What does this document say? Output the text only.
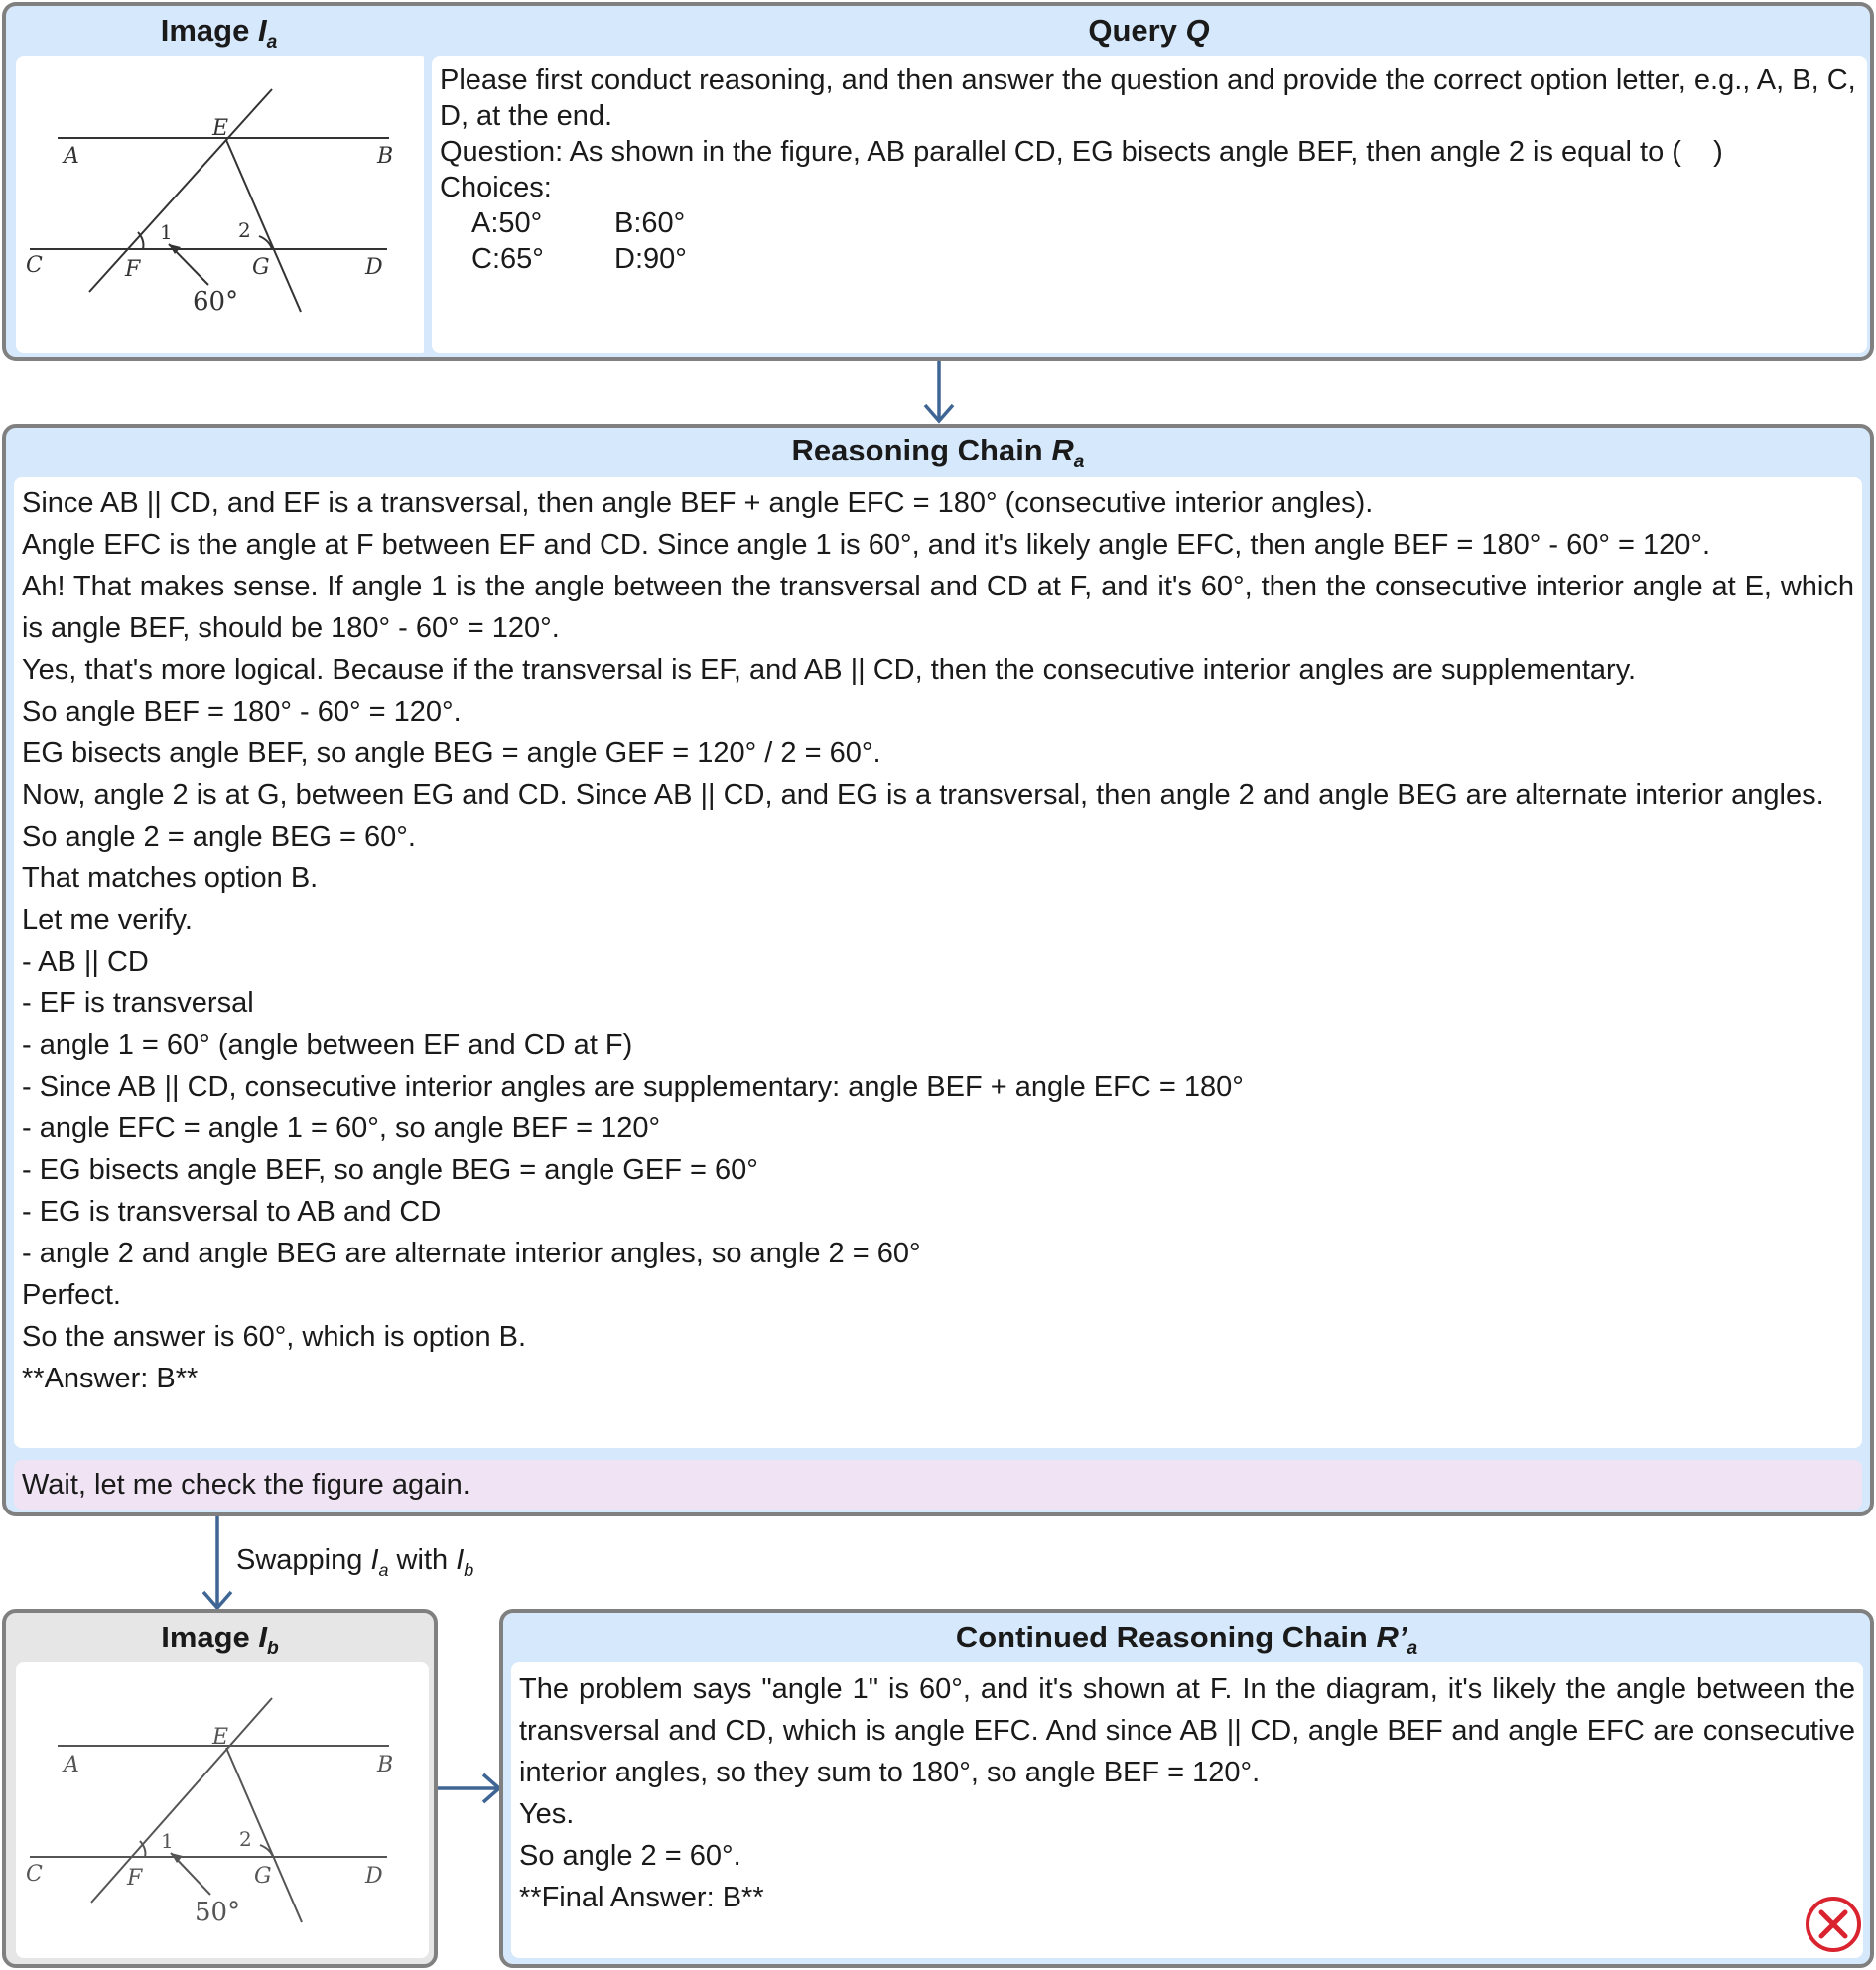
Image $I_a$
A	B
C	D
E
F	G
1	2
60°
Query Q
Please first conduct reasoning, and then answer the question and provide the correct option letter, e.g., A, B, C, D, at the end.
Question: As shown in the figure, AB parallel CD, EG bisects angle BEF, then angle 2 is equal to (    )
Choices:
A:50°	B:60°
C:65° D:90°
Reasoning Chain $R_a$
Since AB || CD, and EF is a transversal, then angle BEF + angle EFC = 180° (consecutive interior angles).
Angle EFC is the angle at F between EF and CD. Since angle 1 is 60°, and it's likely angle EFC, then angle BEF = 180° - 60° = 120°.
Ah! That makes sense. If angle 1 is the angle between the transversal and CD at F, and it's 60°, then the consecutive interior angle at E, which is angle BEF, should be 180° - 60° = 120°.
Yes, that's more logical. Because if the transversal is EF, and AB || CD, then the consecutive interior angles are supplementary.
So angle BEF = 180° - 60° = 120°.
EG bisects angle BEF, so angle BEG = angle GEF = 120° / 2 = 60°.
Now, angle 2 is at G, between EG and CD. Since AB || CD, and EG is a transversal, then angle 2 and angle BEG are alternate interior angles.
So angle 2 = angle BEG = 60°.
That matches option B.
Let me verify.
- AB || CD
- EF is transversal
- angle 1 = 60° (angle between EF and CD at F)
- Since AB || CD, consecutive interior angles are supplementary: angle BEF + angle EFC = 180°
- angle EFC = angle 1 = 60°, so angle BEF = 120°
- EG bisects angle BEF, so angle BEG = angle GEF = 60°
- EG is transversal to AB and CD
- angle 2 and angle BEG are alternate interior angles, so angle 2 = 60°
Perfect.
So the answer is 60°, which is option B.
**Answer: B**
Wait, let me check the figure again.
Swapping $I_a$ with $I_b$
Image $I_b$
A	B
C	D
E
F	G
1	2
50°
Continued Reasoning Chain $R’_a$
The problem says "angle 1" is 60°, and it's shown at F. In the diagram, it's likely the angle between the transversal and CD, which is angle EFC. And since AB || CD, angle BEF and angle EFC are consecutive interior angles, so they sum to 180°, so angle BEF = 120°.
Yes.
So angle 2 = 60°.
**Final Answer: B**
